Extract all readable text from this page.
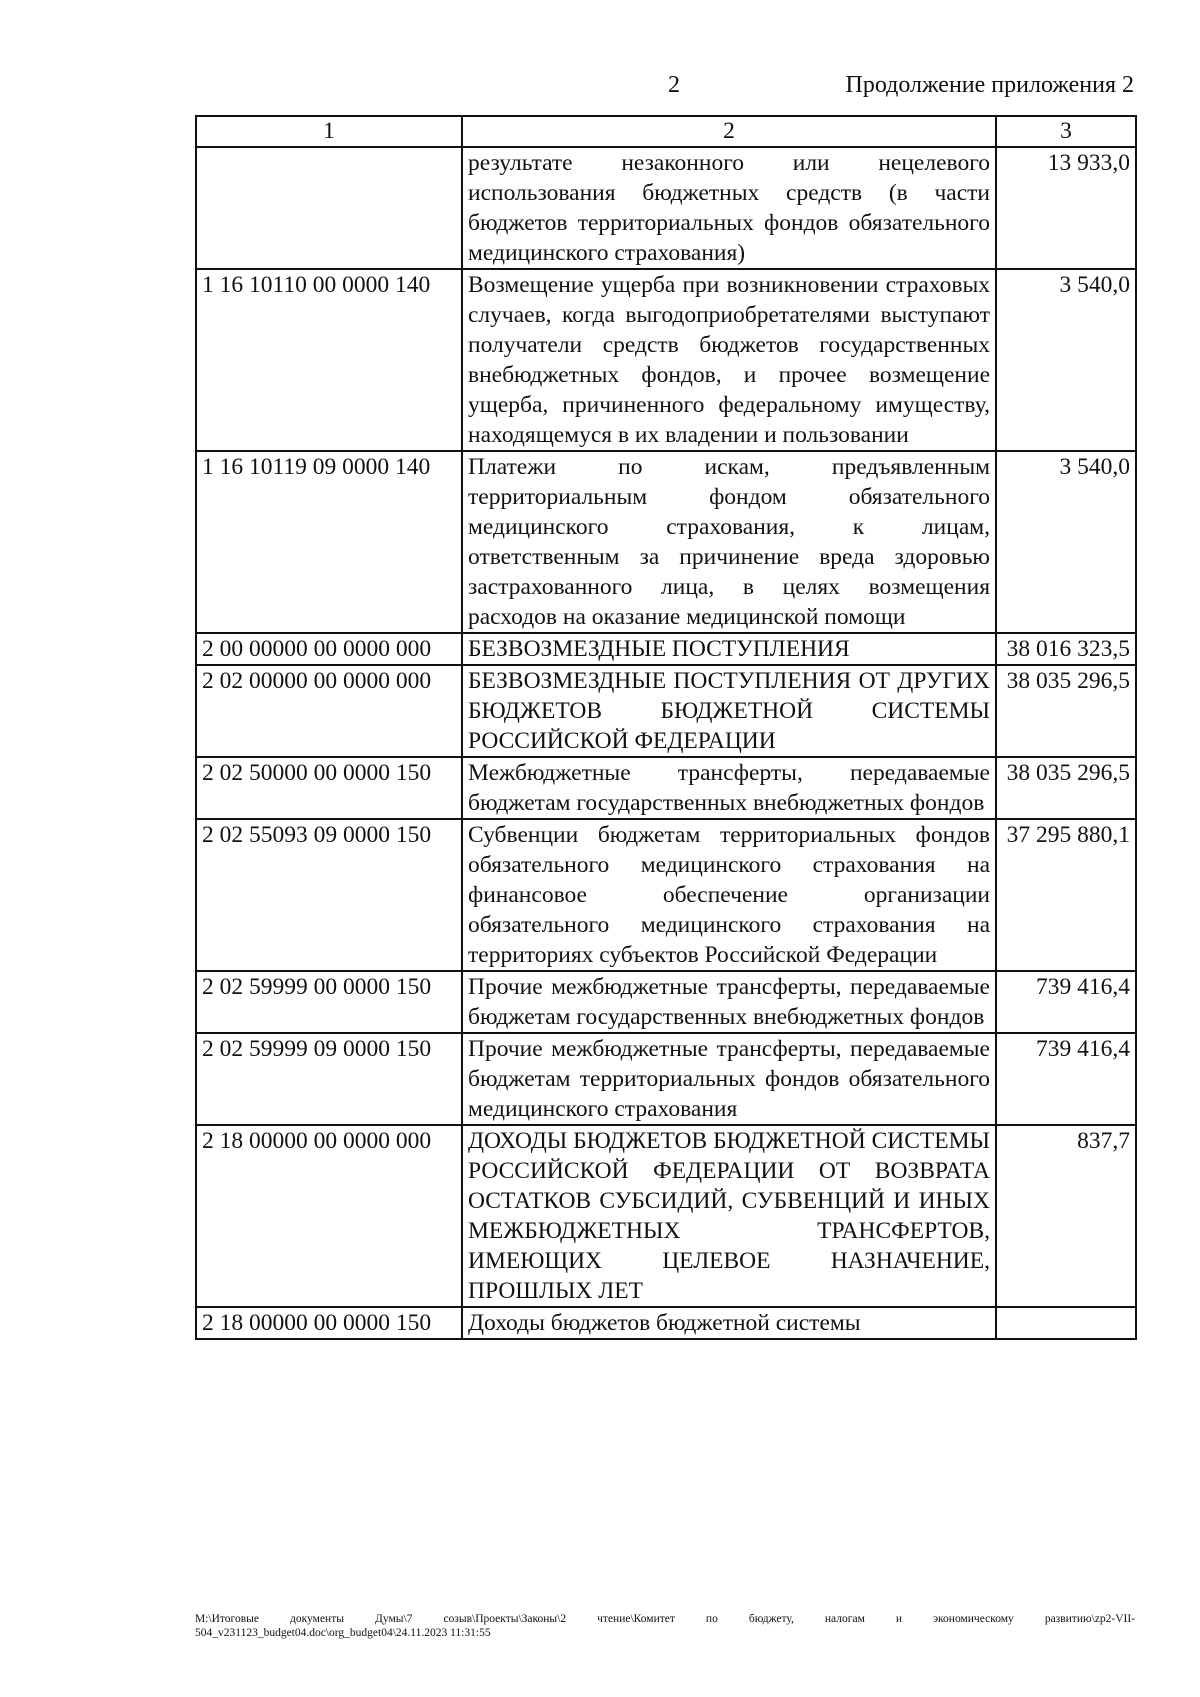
2	Продолжение приложения 2
1	2	3
	результате незаконного или нецелевого использования бюджетных средств (в части бюджетов территориальных фондов обязательного медицинского страхования)	13 933,0
1 16 10110 00 0000 140	Возмещение ущерба при возникновении страховых случаев, когда выгодоприобретателями выступают получатели средств бюджетов государственных внебюджетных фондов, и прочее возмещение ущерба, причиненного федеральному имуществу, находящемуся в их владении и пользовании	3 540,0
1 16 10119 09 0000 140	Платежи по искам, предъявленным территориальным фондом обязательного медицинского страхования, к лицам, ответственным за причинение вреда здоровью застрахованного лица, в целях возмещения расходов на оказание медицинской помощи	3 540,0
2 00 00000 00 0000 000	БЕЗВОЗМЕЗДНЫЕ ПОСТУПЛЕНИЯ	38 016 323,5
2 02 00000 00 0000 000	БЕЗВОЗМЕЗДНЫЕ ПОСТУПЛЕНИЯ ОТ ДРУГИХ БЮДЖЕТОВ БЮДЖЕТНОЙ СИСТЕМЫ РОССИЙСКОЙ ФЕДЕРАЦИИ	38 035 296,5
2 02 50000 00 0000 150	Межбюджетные трансферты, передаваемые бюджетам государственных внебюджетных фондов	38 035 296,5
2 02 55093 09 0000 150	Субвенции бюджетам территориальных фондов обязательного медицинского страхования на финансовое обеспечение организации обязательного медицинского страхования на территориях субъектов Российской Федерации	37 295 880,1
2 02 59999 00 0000 150	Прочие межбюджетные трансферты, передаваемые бюджетам государственных внебюджетных фондов	739 416,4
2 02 59999 09 0000 150	Прочие межбюджетные трансферты, передаваемые бюджетам территориальных фондов обязательного медицинского страхования	739 416,4
2 18 00000 00 0000 000	ДОХОДЫ БЮДЖЕТОВ БЮДЖЕТНОЙ СИСТЕМЫ РОССИЙСКОЙ ФЕДЕРАЦИИ ОТ ВОЗВРАТА ОСТАТКОВ СУБСИДИЙ, СУБВЕНЦИЙ И ИНЫХ МЕЖБЮДЖЕТНЫХ ТРАНСФЕРТОВ, ИМЕЮЩИХ ЦЕЛЕВОЕ НАЗНАЧЕНИЕ, ПРОШЛЫХ ЛЕТ	837,7
2 18 00000 00 0000 150	Доходы бюджетов бюджетной системы	
M:\Итоговые документы Думы\7 созыв\Проекты\Законы\2 чтение\Комитет по бюджету, налогам и экономическому развитию\zp2-VII-
504_v231123_budget04.doc\org_budget04\24.11.2023 11:31:55
